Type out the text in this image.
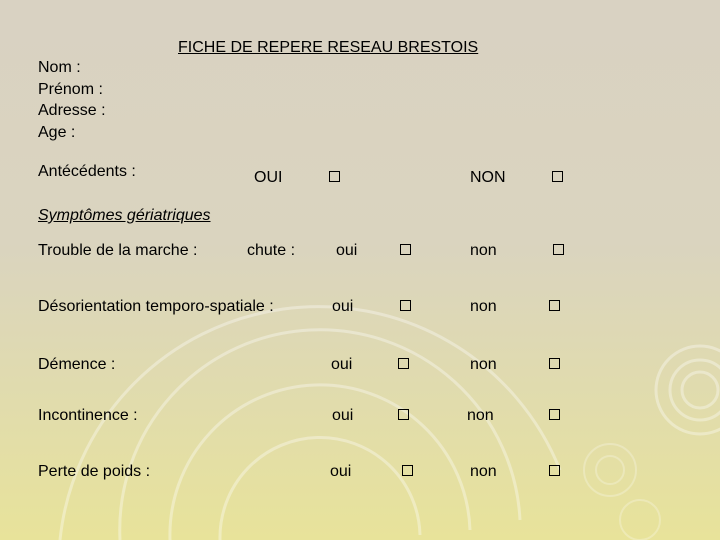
FICHE DE REPERE RESEAU BRESTOIS
Nom :
Prénom :
Adresse :
Age :
Antécédents :	OUI	NON
Symptômes gériatriques
Trouble de la marche :	chute :	oui	non
Désorientation temporo-spatiale :	oui	non
Démence :	oui	non
Incontinence :	oui	non
Perte de poids :	oui	non
